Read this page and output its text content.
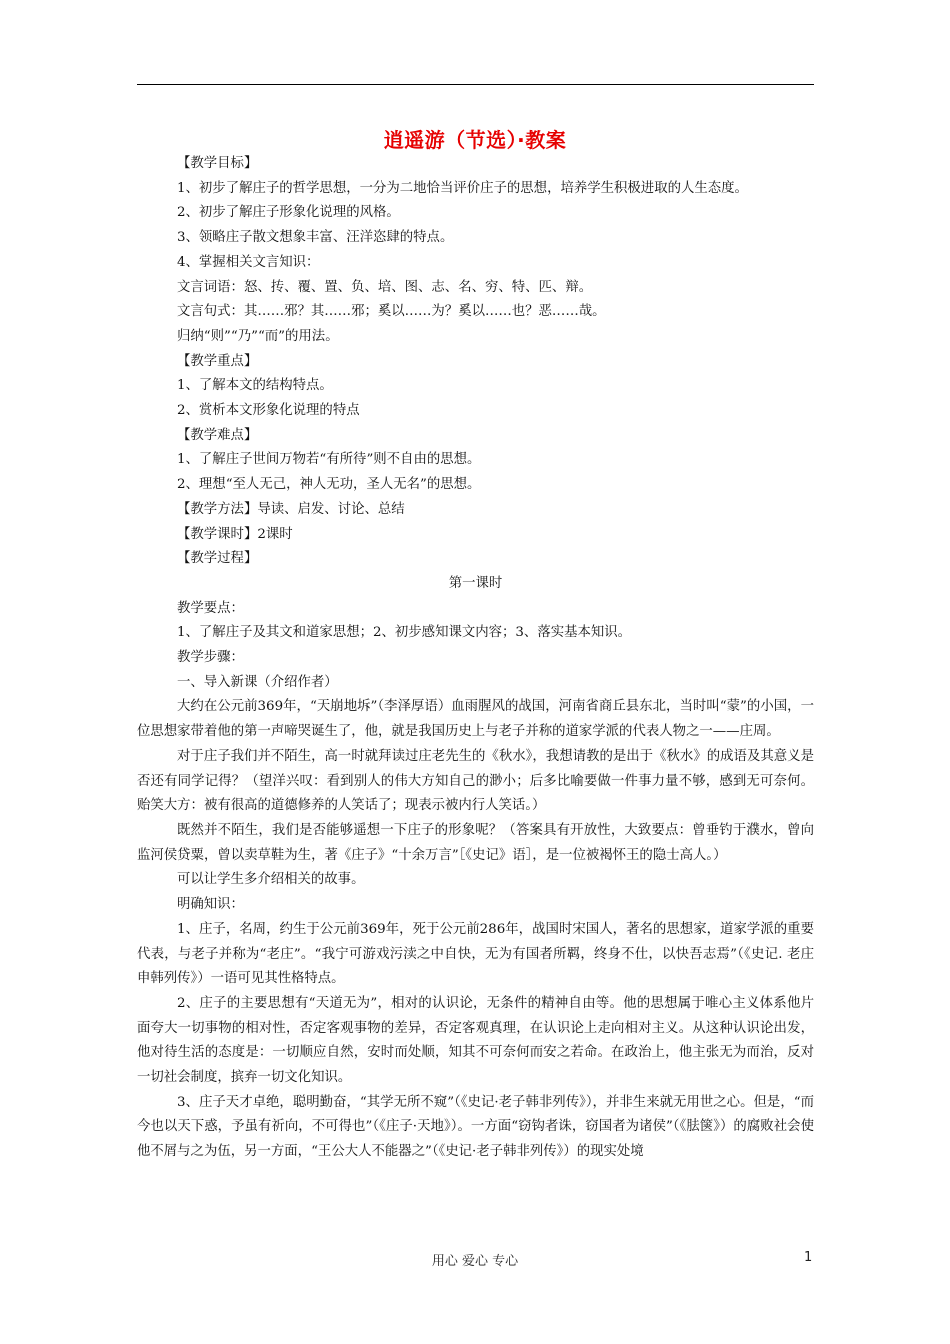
逍遥游（节选）·教案
【教学目标】
1、初步了解庄子的哲学思想，一分为二地恰当评价庄子的思想，培养学生积极进取的人生态度。
2、初步了解庄子形象化说理的风格。
3、领略庄子散文想象丰富、汪洋恣肆的特点。
4、掌握相关文言知识：
文言词语：怒、抟、覆、置、负、培、图、志、名、穷、特、匹、辩。
文言句式：其……邪？其……邪；奚以……为？奚以……也？恶……哉。
归纳“则”“乃”“而”的用法。
【教学重点】
1、了解本文的结构特点。
2、赏析本文形象化说理的特点
【教学难点】
1、了解庄子世间万物若“有所待”则不自由的思想。
2、理想“至人无己，神人无功，圣人无名”的思想。
【教学方法】导读、启发、讨论、总结
【教学课时】2课时
【教学过程】
第一课时
教学要点：
1、了解庄子及其文和道家思想；2、初步感知课文内容；3、落实基本知识。
教学步骤：
一、导入新课（介绍作者）

大约在公元前369年，“天崩地坼”（李泽厚语）血雨腥风的战国，河南省商丘县东北，当时叫“蒙”的小国，一位思想家带着他的第一声啼哭诞生了，他，就是我国历史上与老子并称的道家学派的代表人物之一——庄周。

对于庄子我们并不陌生，高一时就拜读过庄老先生的《秋水》，我想请教的是出于《秋水》的成语及其意义是否还有同学记得？（望洋兴叹：看到别人的伟大方知自己的渺小；后多比喻要做一件事力量不够，感到无可奈何。贻笑大方：被有很高的道德修养的人笑话了；现表示被内行人笑话。）

既然并不陌生，我们是否能够遥想一下庄子的形象呢？（答案具有开放性，大致要点：曾垂钓于濮水，曾向监河侯贷粟，曾以卖草鞋为生，著《庄子》“十余万言”［《史记》语］，是一位被褐怀王的隐士高人。）

可以让学生多介绍相关的故事。
明确知识：

1、庄子，名周，约生于公元前369年，死于公元前286年，战国时宋国人，著名的思想家，道家学派的重要代表，与老子并称为“老庄”。“我宁可游戏污渎之中自快，无为有国者所羁，终身不仕，以快吾志焉”（《史记. 老庄申韩列传》）一语可见其性格特点。

2、庄子的主要思想有“天道无为”，相对的认识论，无条件的精神自由等。他的思想属于唯心主义体系他片面夸大一切事物的相对性，否定客观事物的差异，否定客观真理，在认识论上走向相对主义。从这种认识论出发，他对待生活的态度是：一切顺应自然，安时而处顺，知其不可奈何而安之若命。在政治上，他主张无为而治，反对一切社会制度，摈弃一切文化知识。

3、庄子天才卓绝，聪明勤奋，“其学无所不窥”（《史记·老子韩非列传》），并非生来就无用世之心。但是，“而今也以天下惑，予虽有祈向，不可得也”（《庄子·天地》）。一方面“窃钩者诛，窃国者为诸侯”（《胠箧》）的腐败社会使他不屑与之为伍，另一方面，“王公大人不能器之”（《史记·老子韩非列传》）的现实处境

用心 爱心 专心	1
